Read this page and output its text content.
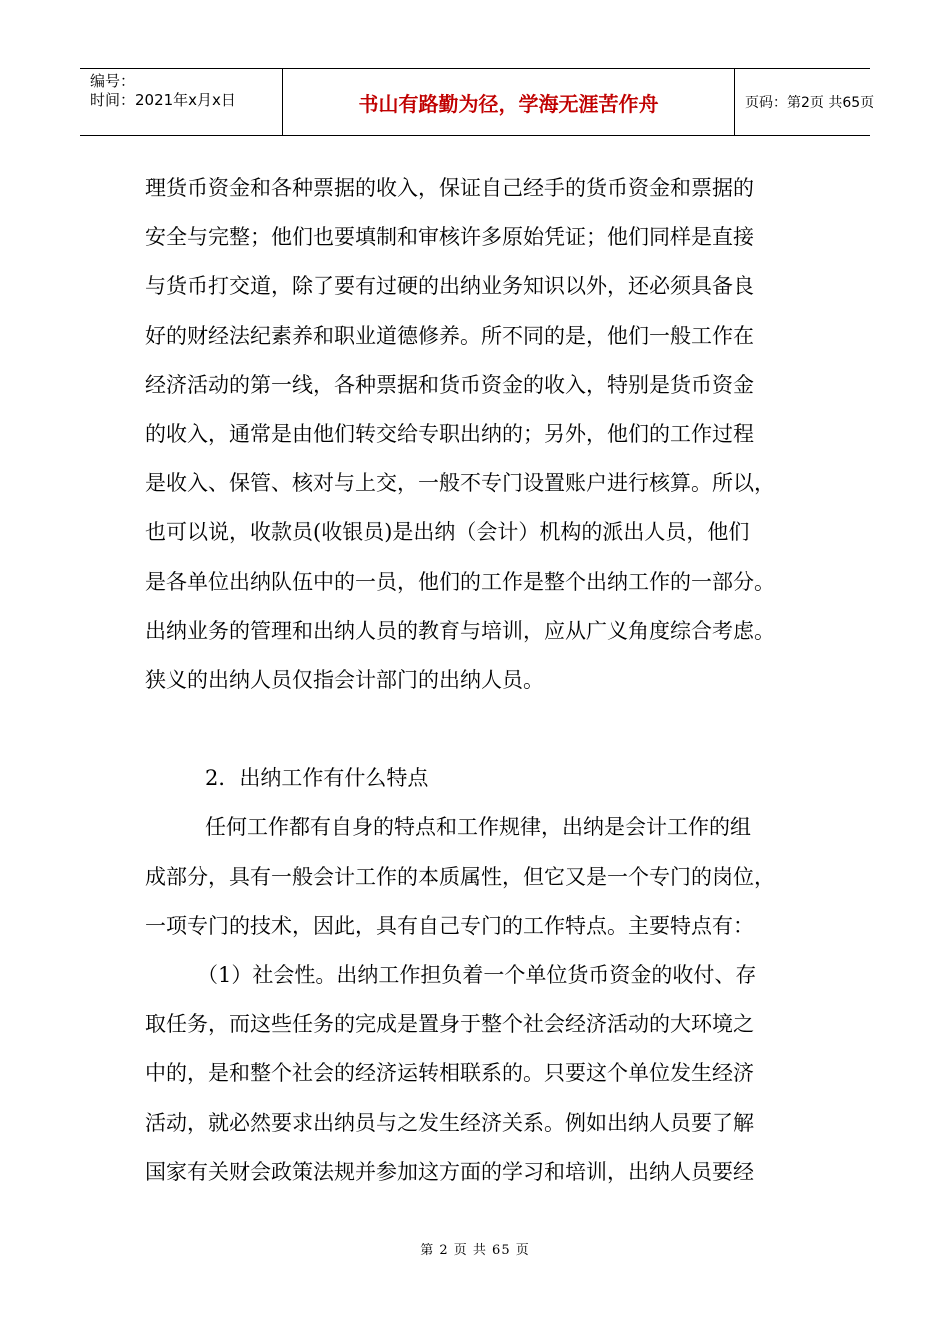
编号：
时间：2021年x月x日	书山有路勤为径，学海无涯苦作舟	页码：第2页 共65页
理货币资金和各种票据的收入，保证自己经手的货币资金和票据的
安全与完整；他们也要填制和审核许多原始凭证；他们同样是直接
与货币打交道，除了要有过硬的出纳业务知识以外，还必须具备良
好的财经法纪素养和职业道德修养。所不同的是，他们一般工作在
经济活动的第一线，各种票据和货币资金的收入，特别是货币资金
的收入，通常是由他们转交给专职出纳的；另外，他们的工作过程
是收入、保管、核对与上交，一般不专门设置账户进行核算。所以，
也可以说，收款员(收银员)是出纳（会计）机构的派出人员，他们
是各单位出纳队伍中的一员，他们的工作是整个出纳工作的一部分。
出纳业务的管理和出纳人员的教育与培训，应从广义角度综合考虑。
狭义的出纳人员仅指会计部门的出纳人员。
2．出纳工作有什么特点
任何工作都有自身的特点和工作规律，出纳是会计工作的组
成部分，具有一般会计工作的本质属性，但它又是一个专门的岗位，
一项专门的技术，因此，具有自己专门的工作特点。主要特点有：
（1）社会性。出纳工作担负着一个单位货币资金的收付、存
取任务，而这些任务的完成是置身于整个社会经济活动的大环境之
中的，是和整个社会的经济运转相联系的。只要这个单位发生经济
活动，就必然要求出纳员与之发生经济关系。例如出纳人员要了解
国家有关财会政策法规并参加这方面的学习和培训，出纳人员要经
第 2 页 共 65 页
